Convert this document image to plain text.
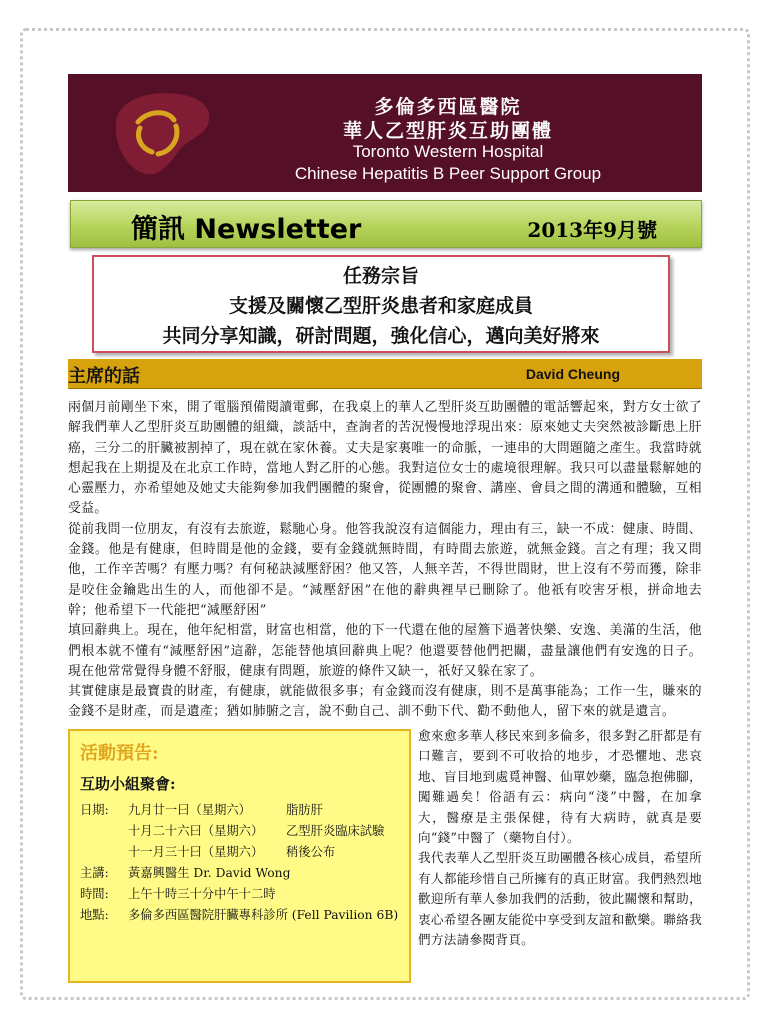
多倫多西區醫院
華人乙型肝炎互助團體
Toronto Western Hospital
Chinese Hepatitis B Peer Support Group
簡訊 Newsletter	2013年9月號
任務宗旨
支援及關懷乙型肝炎患者和家庭成員
共同分享知識，研討問題，強化信心，邁向美好將來
主席的話	David Cheung

兩個月前剛坐下來，開了電腦預備閱讀電郵，在我桌上的華人乙型肝炎互助團體的電話響起來，對方女士欲了解我們華人乙型肝炎互助團體的組織，談話中，查詢者的苦況慢慢地浮現出來：原來她丈夫突然被診斷患上肝癌，三分二的肝臟被割掉了，現在就在家休養。丈夫是家裏唯一的命脈，一連串的大問題隨之產生。我當時就想起我在上期提及在北京工作時，當地人對乙肝的心態。我對這位女士的處境很理解。我只可以盡量鬆解她的心靈壓力，亦希望她及她丈夫能夠參加我們團體的聚會，從團體的聚會、講座、會員之間的溝通和體驗，互相受益。

從前我問一位朋友，有沒有去旅遊，鬆馳心身。他答我說沒有這個能力，理由有三，缺一不成：健康、時間、金錢。他是有健康，但時間是他的金錢，要有金錢就無時間，有時間去旅遊，就無金錢。言之有理；我又問他，工作辛苦嗎？有壓力嗎？有何秘訣減壓舒困？他又答，人無辛苦，不得世間財，世上沒有不勞而獲，除非是咬住金鑰匙出生的人，而他卻不是。“減壓舒困”在他的辭典裡早已刪除了。他祇有咬害牙根，拼命地去幹；他希望下一代能把“減壓舒困”

填回辭典上。現在，他年紀相當，財富也相當，他的下一代還在他的屋簷下過著快樂、安逸、美滿的生活，他們根本就不懂有“減壓舒困”這辭，怎能替他填回辭典上呢？他還要替他們把關，盡量讓他們有安逸的日子。現在他常常覺得身體不舒服，健康有問題，旅遊的條件又缺一，祇好又躲在家了。

其實健康是最寶貴的財產，有健康，就能做很多事；有金錢而沒有健康，則不是萬事能為；工作一生，賺來的金錢不是財產，而是遺產；猶如肺腑之言，說不動自己、訓不動下代、勸不動他人，留下來的就是遺言。

活動預告:
互助小組聚會:
日期: 九月廿一曰（星期六）	脂肪肝
十月二十六曰（星期六） 乙型肝炎臨床試驗
十一月三十曰（星期六） 稍後公布
主講: 黃嘉興醫生 Dr. David Wong
時間: 上午十時三十分中午十二時
地點: 多倫多西區醫院肝臟專科診所 (Fell Pavilion 6B)

愈來愈多華人移民來到多倫多，很多對乙肝都是有口難言，要到不可收拾的地步，才恐懼地、悲哀地、盲目地到處覓神醫、仙單妙藥，臨急抱佛腳，闖難過矣！俗語有云：病向“淺”中醫，在加拿大，醫療是主張保健，待有大病時，就真是要向“錢”中醫了（藥物自付）。

我代表華人乙型肝炎互助團體各核心成員，希望所有人都能珍惜自己所擁有的真正財富。我們熱烈地歡迎所有華人參加我們的活動，彼此關懷和幫助，衷心希望各團友能從中享受到友誼和歡樂。聯絡我們方法請參閱背頁。
